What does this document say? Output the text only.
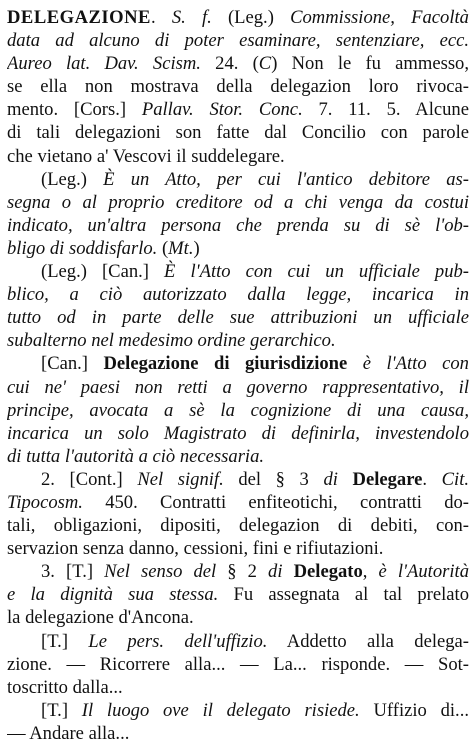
DELEGAZIONE. S. f. (Leg.) Commissione, Facoltà
data ad alcuno di poter esaminare, sentenziare, ecc.
Aureo lat. Dav. Scism. 24. (C) Non le fu ammesso,
se ella non mostrava della delegazion loro rivoca-
mento. [Cors.] Pallav. Stor. Conc. 7. 11. 5. Alcune
di tali delegazioni son fatte dal Concilio con parole
che vietano a' Vescovi il suddelegare.
(Leg.) È un Atto, per cui l'antico debitore as-
segna o al proprio creditore od a chi venga da costui
indicato, un'altra persona che prenda su di sè l'ob-
bligo di soddisfarlo. (Mt.)
(Leg.) [Can.] È l'Atto con cui un ufficiale pub-
blico, a ciò autorizzato dalla legge, incarica in
tutto od in parte delle sue attribuzioni un ufficiale
subalterno nel medesimo ordine gerarchico.
[Can.] Delegazione di giurisdizione è l'Atto con
cui ne' paesi non retti a governo rappresentativo, il
principe, avocata a sè la cognizione di una causa,
incarica un solo Magistrato di definirla, investendolo
di tutta l'autorità a ciò necessaria.
2. [Cont.] Nel signif. del § 3 di Delegare. Cit.
Tipocosm. 450. Contratti enfiteotichi, contratti do-
tali, obligazioni, dipositi, delegazion di debiti, con-
servazion senza danno, cessioni, fini e rifiutazioni.
3. [T.] Nel senso del § 2 di Delegato, è l'Autorità
e la dignità sua stessa. Fu assegnata al tal prelato
la delegazione d'Ancona.
[T.] Le pers. dell'uffizio. Addetto alla delega-
zione. — Ricorrere alla... — La... risponde. — Sot-
toscritto dalla...
[T.] Il luogo ove il delegato risiede. Uffizio di...
— Andare alla...
